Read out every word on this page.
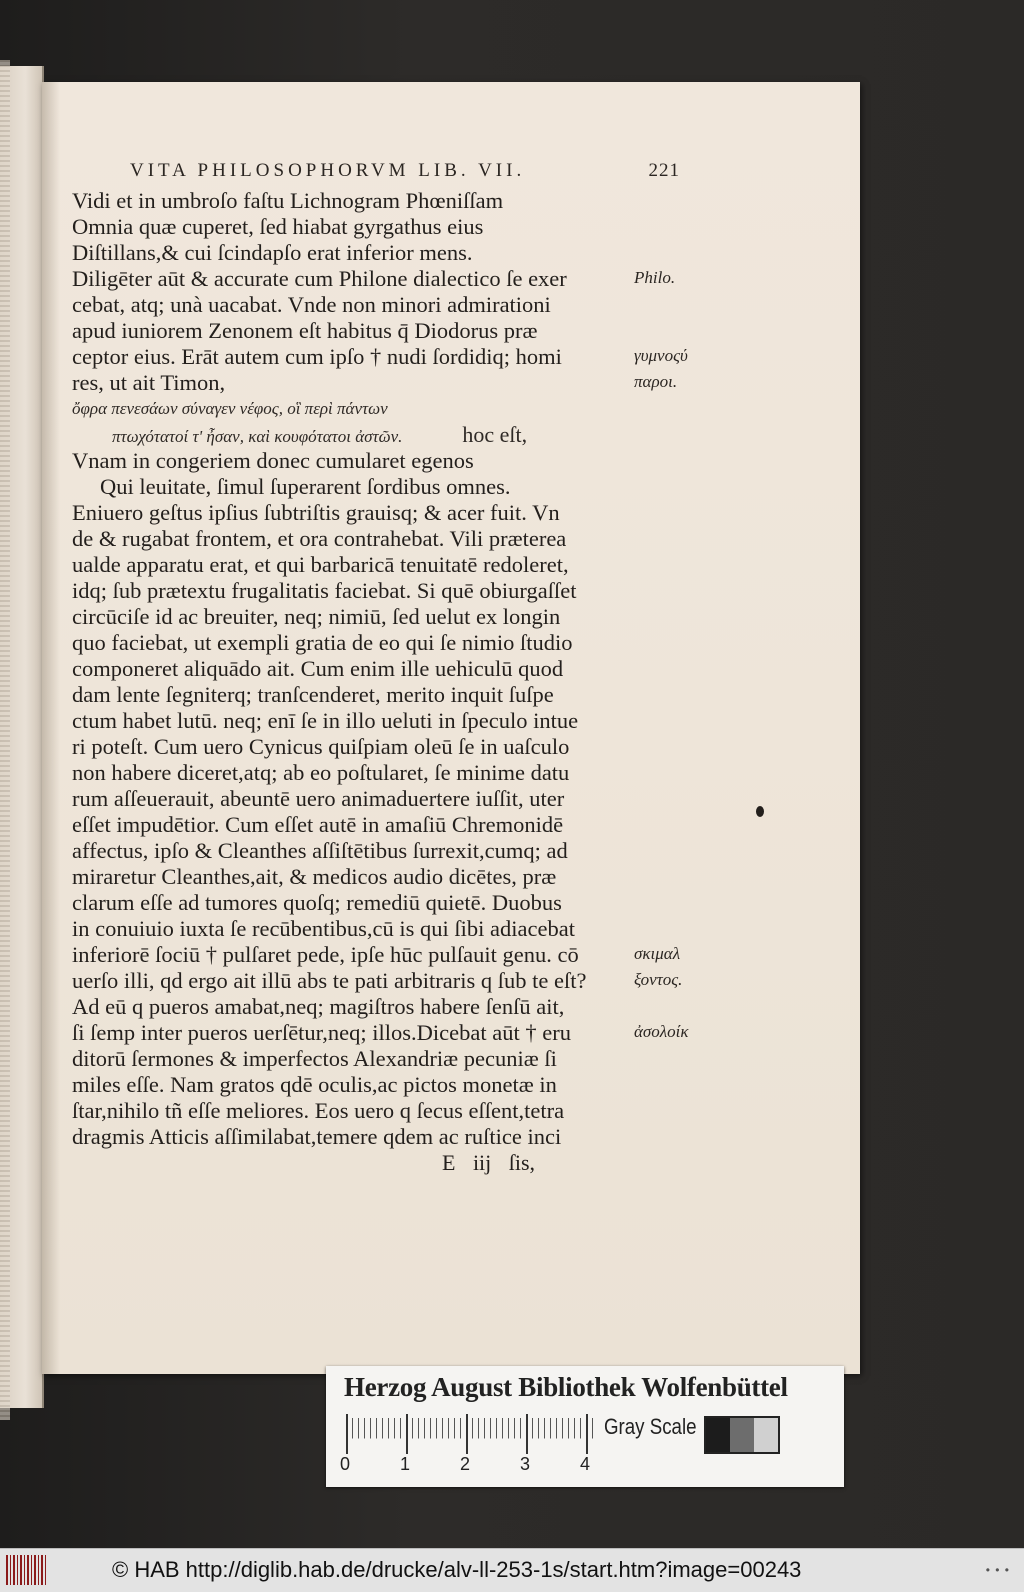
VITA PHILOSOPHORVM LIB. VII.	221
Vidi et in umbroſo faſtu Lichnogram Phœniſſam
Omnia quæ cuperet, ſed hiabat gyrgathus eius
Diſtillans,& cui ſcindapſo erat inferior mens.
Diligēter aūt & accurate cum Philone dialectico ſe exer
cebat, atq; unà uacabat. Vnde non minori admirationi
apud iuniorem Zenonem eſt habitus q̄ Diodorus præ
ceptor eius. Erāt autem cum ipſo † nudi ſordidiq; homi
res, ut ait Timon,
ὄφρα πενεσάων σύναγεν νέφος, οἳ περὶ πάντων
πτωχότατοί τ' ἦσαν, καὶ κουφότατοι ἀστῶν.	hoc eſt,
Vnam in congeriem donec cumularet egenos
Qui leuitate, ſimul ſuperarent ſordibus omnes.
Eniuero geſtus ipſius ſubtriſtis grauisq; & acer fuit. Vn
de & rugabat frontem, et ora contrahebat. Vili præterea
ualde apparatu erat, et qui barbaricā tenuitatē redoleret,
idq; ſub prætextu frugalitatis faciebat. Si quē obiurgaſſet
circūciſe id ac breuiter, neq; nimiū, ſed uelut ex longin
quo faciebat, ut exempli gratia de eo qui ſe nimio ſtudio
componeret aliquādo ait. Cum enim ille uehiculū quod
dam lente ſegniterq; tranſcenderet, merito inquit ſuſpe
ctum habet lutū. neq; enī ſe in illo ueluti in ſpeculo intue
ri poteſt. Cum uero Cynicus quiſpiam oleū ſe in uaſculo
non habere diceret,atq; ab eo poſtularet, ſe minime datu
rum aſſeuerauit, abeuntē uero animaduertere iuſſit, uter
eſſet impudētior. Cum eſſet autē in amaſiū Chremonidē
affectus, ipſo & Cleanthes aſſiſtētibus ſurrexit,cumq; ad
miraretur Cleanthes,ait, & medicos audio dicētes, præ
clarum eſſe ad tumores quoſq; remediū quietē. Duobus
in conuiuio iuxta ſe recūbentibus,cū is qui ſibi adiacebat
inferiorē ſociū † pulſaret pede, ipſe hūc pulſauit genu. cō
uerſo illi, qd ergo ait illū abs te pati arbitraris q ſub te eſt?
Ad eū q pueros amabat,neq; magiſtros habere ſenſū ait,
ſi ſemp inter pueros uerſētur,neq; illos.Dicebat aūt † eru
ditorū ſermones & imperfectos Alexandriæ pecuniæ ſi
miles eſſe. Nam gratos qdē oculis,ac pictos monetæ in
ſtar,nihilo tñ eſſe meliores. Eos uero q ſecus eſſent,tetra
dragmis Atticis aſſimilabat,temere qdem ac ruſtice inci
E iij ſis,
Philo.
γυμνοςύ
παροι.
σκιμαλ
ξοντος.
ἀσολοίκ
Herzog August Bibliothek Wolfenbüttel
0	1	2	3	4
Gray Scale
© HAB http://diglib.hab.de/drucke/alv-ll-253-1s/start.htm?image=00243	• • •
